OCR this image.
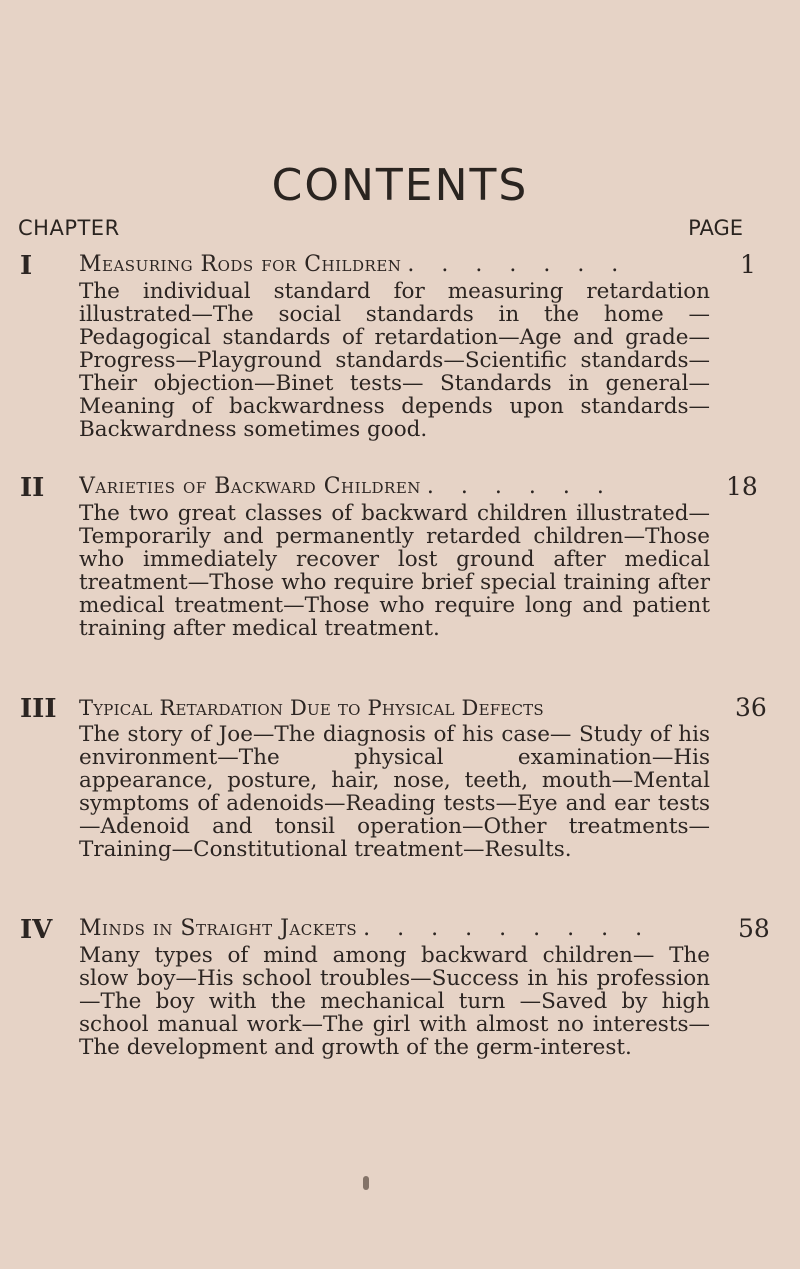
CONTENTS
CHAPTER	PAGE
I	Measuring Rods for Children . . . . . . .	1
The individual standard for measuring retardation illustrated—The social standards in the home —Pedagogical standards of retardation—Age and grade—Progress—Playground standards—Scientific standards—Their objection—Binet tests— Standards in general—Meaning of backwardness depends upon standards—Backwardness sometimes good.
II	Varieties of Backward Children . . . . . .	18
The two great classes of backward children illustrated—Temporarily and permanently retarded children—Those who immediately recover lost ground after medical treatment—Those who require brief special training after medical treatment—Those who require long and patient training after medical treatment.
III	Typical Retardation Due to Physical Defects	36
The story of Joe—The diagnosis of his case— Study of his environment—The physical examination—His appearance, posture, hair, nose, teeth, mouth—Mental symptoms of adenoids—Reading tests—Eye and ear tests—Adenoid and tonsil operation—Other treatments—Training—Constitutional treatment—Results.
IV	Minds in Straight Jackets . . . . . . . . .	58
Many types of mind among backward children— The slow boy—His school troubles—Success in his profession—The boy with the mechanical turn —Saved by high school manual work—The girl with almost no interests—The development and growth of the germ-interest.
